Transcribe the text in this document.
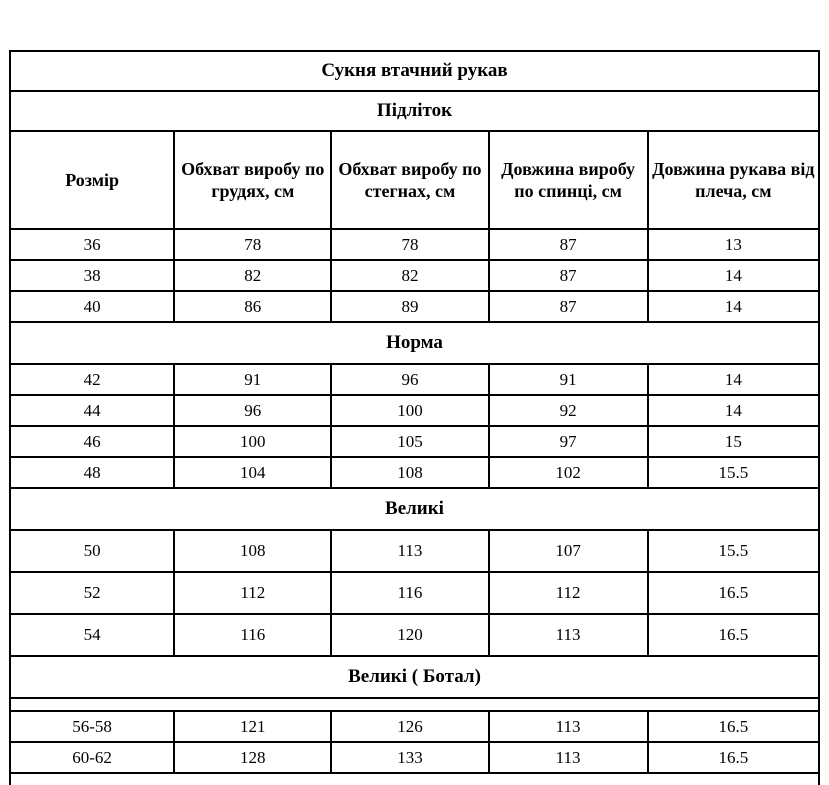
Сукня втачний рукав				
Підліток				
Розмір	Обхват виробу по грудях, см	Обхват виробу по стегнах, см	Довжина виробу по спинці, см	Довжина рукава від плеча, см
36	78	78	87	13
38	82	82	87	14
40	86	89	87	14
Норма				
42	91	96	91	14
44	96	100	92	14
46	100	105	97	15
48	104	108	102	15.5
Великі				
50	108	113	107	15.5
52	112	116	112	16.5
54	116	120	113	16.5
Великі ( Ботал)				

56-58	121	126	113	16.5
60-62	128	133	113	16.5
